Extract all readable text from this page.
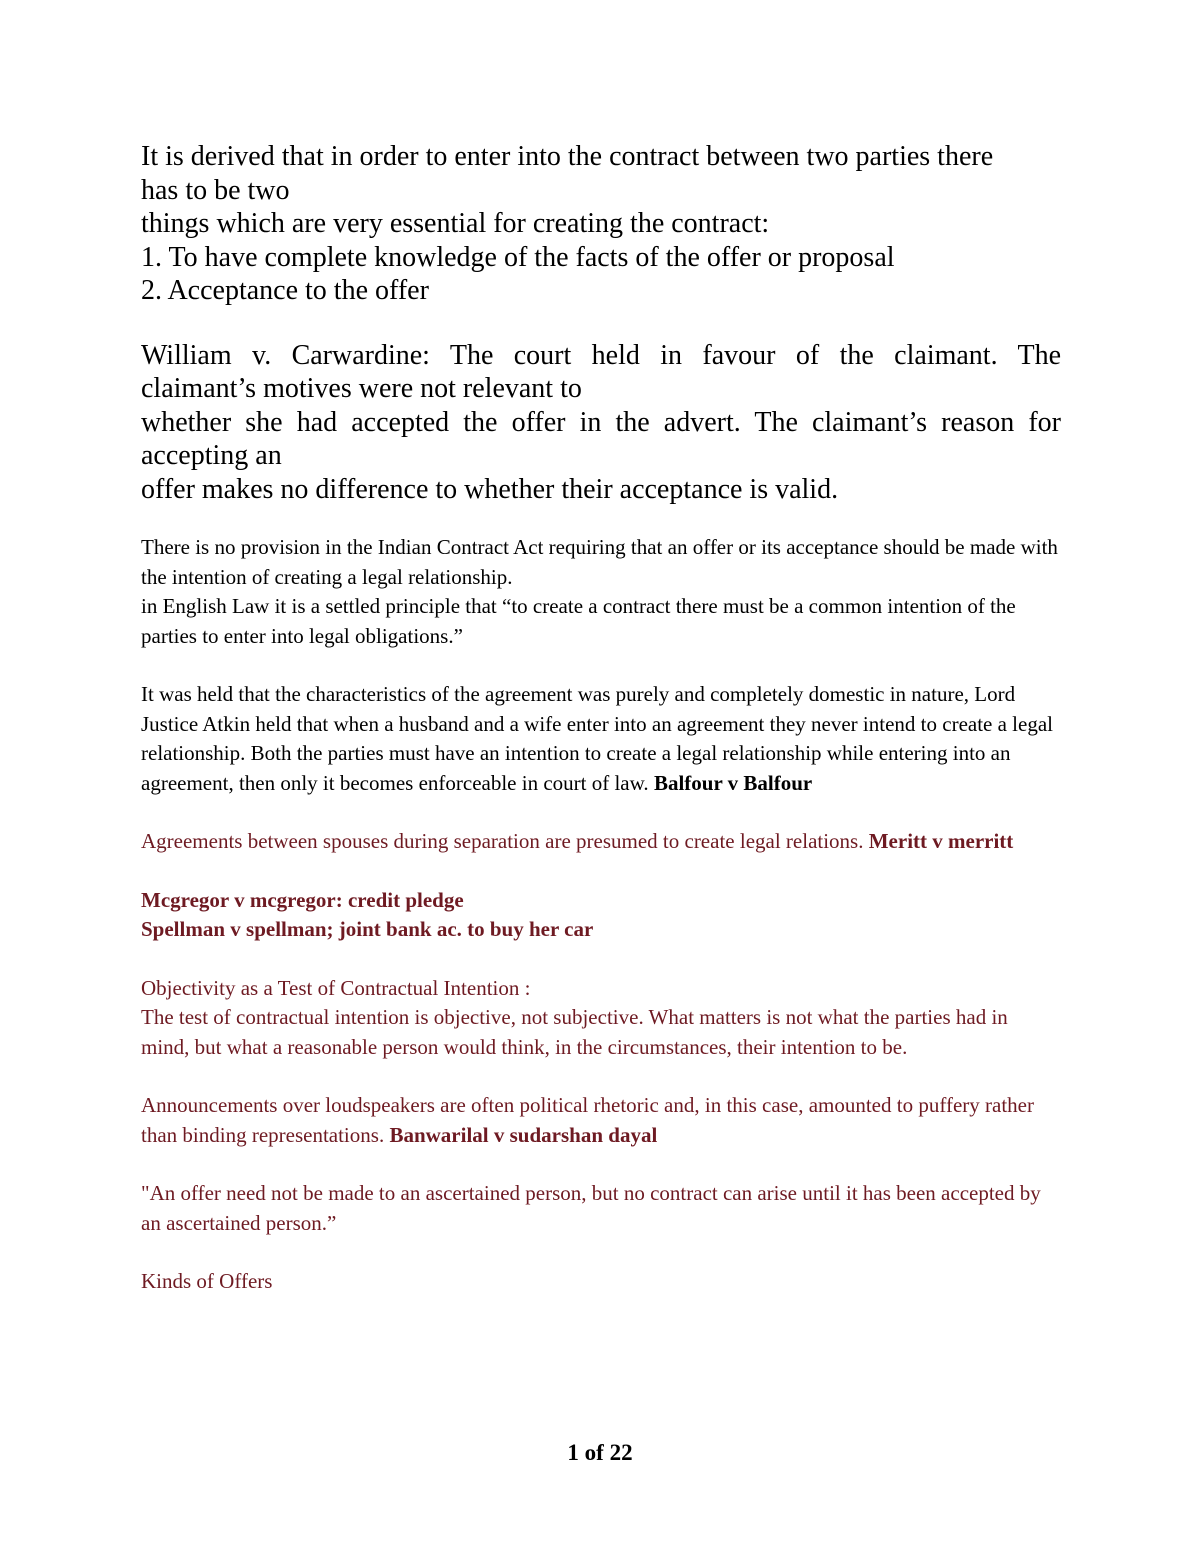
It is derived that in order to enter into the contract between two parties there

has to be two

things which are very essential for creating the contract:

1. To have complete knowledge of the facts of the offer or proposal

2. Acceptance to the offer

William v. Carwardine: The court held in favour of the claimant. The

claimant’s motives were not relevant to

whether she had accepted the offer in the advert. The claimant’s reason for

accepting an

offer makes no difference to whether their acceptance is valid.

There is no provision in the Indian Contract Act requiring that an offer or its acceptance should be made with the intention of creating a legal relationship.

in English Law it is a settled principle that “to create a contract there must be a common intention of the parties to enter into legal obligations.”

It was held that the characteristics of the agreement was purely and completely domestic in nature, Lord Justice Atkin held that when a husband and a wife enter into an agreement they never intend to create a legal relationship. Both the parties must have an intention to create a legal relationship while entering into an agreement, then only it becomes enforceable in court of law. Balfour v Balfour

Agreements between spouses during separation are presumed to create legal relations. Meritt v merritt

Mcgregor v mcgregor: credit pledge

Spellman v spellman; joint bank ac. to buy her car

Objectivity as a Test of Contractual Intention :

The test of contractual intention is objective, not subjective. What matters is not what the parties had in mind, but what a reasonable person would think, in the circumstances, their intention to be.

Announcements over loudspeakers are often political rhetoric and, in this case, amounted to puffery rather than binding representations. Banwarilal v sudarshan dayal

"An offer need not be made to an ascertained person, but no contract can arise until it has been accepted by an ascertained person.”

Kinds of Offers

1 of 22
